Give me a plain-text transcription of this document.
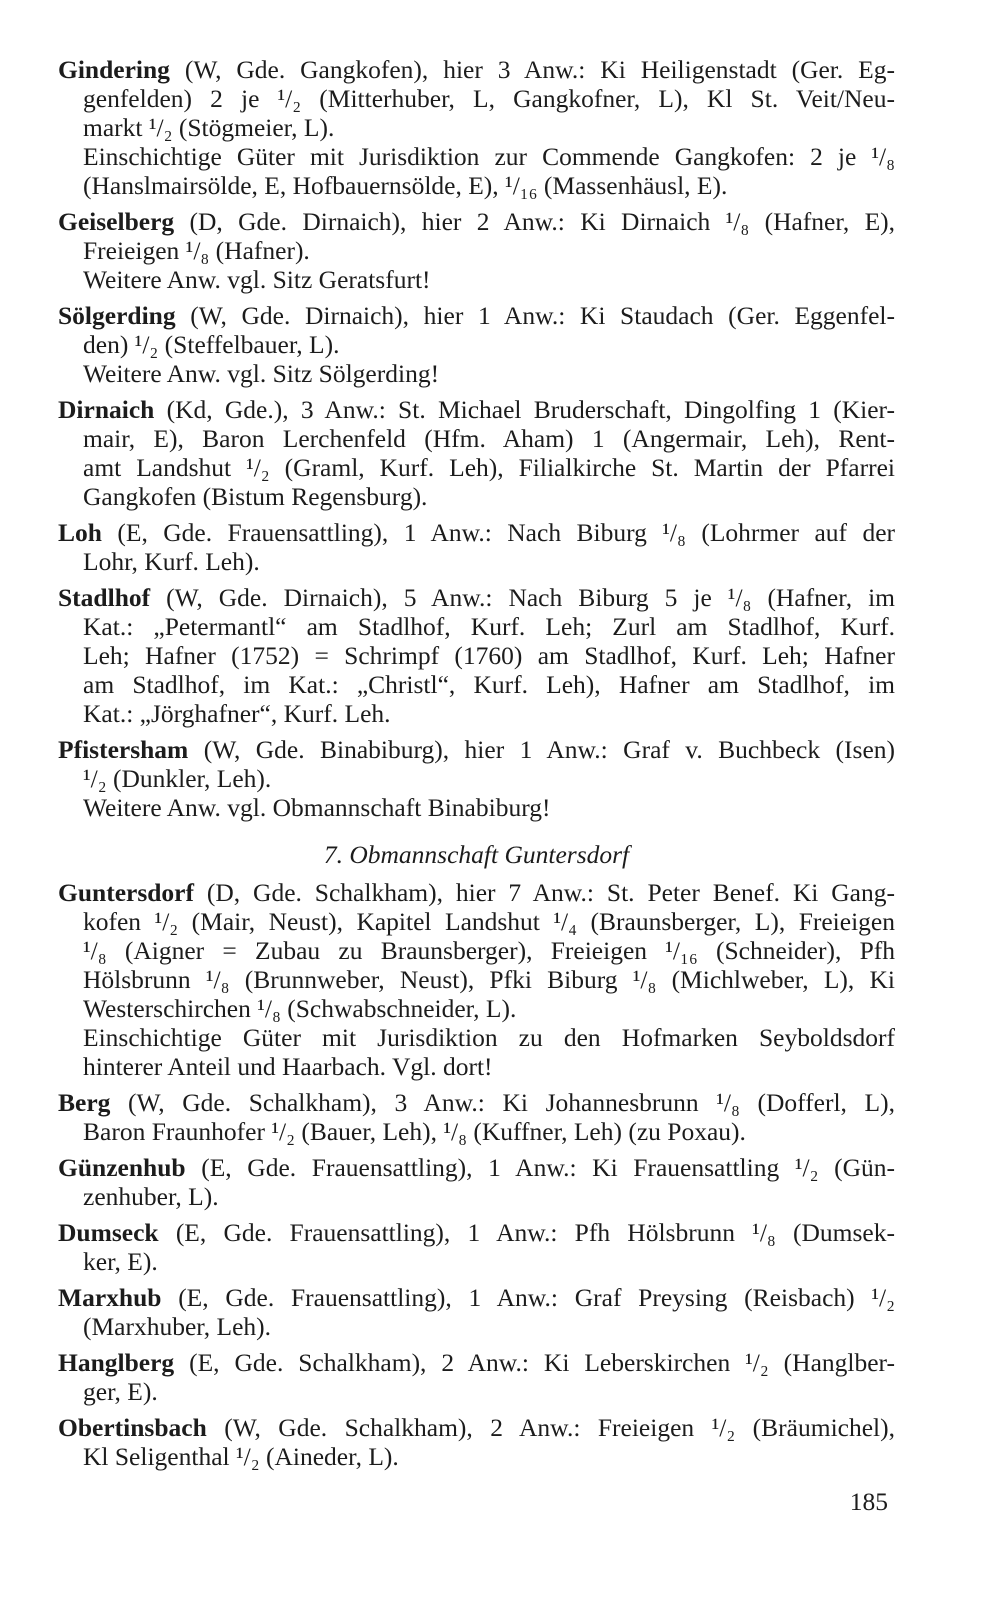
Gindering (W, Gde. Gangkofen), hier 3 Anw.: Ki Heiligenstadt (Ger. Eg-
genfelden) 2 je ¹/₂ (Mitterhuber, L, Gangkofner, L), Kl St. Veit/Neu-
markt ¹/₂ (Stögmeier, L).
Einschichtige Güter mit Jurisdiktion zur Commende Gangkofen: 2 je ¹/₈
(Hanslmairsölde, E, Hofbauernsölde, E), ¹/₁₆ (Massenhäusl, E).
Geiselberg (D, Gde. Dirnaich), hier 2 Anw.: Ki Dirnaich ¹/₈ (Hafner, E),
Freieigen ¹/₈ (Hafner).
Weitere Anw. vgl. Sitz Geratsfurt!
Sölgerding (W, Gde. Dirnaich), hier 1 Anw.: Ki Staudach (Ger. Eggenfel-
den) ¹/₂ (Steffelbauer, L).
Weitere Anw. vgl. Sitz Sölgerding!
Dirnaich (Kd, Gde.), 3 Anw.: St. Michael Bruderschaft, Dingolfing 1 (Kier-
mair, E), Baron Lerchenfeld (Hfm. Aham) 1 (Angermair, Leh), Rent-
amt Landshut ¹/₂ (Graml, Kurf. Leh), Filialkirche St. Martin der Pfarrei
Gangkofen (Bistum Regensburg).
Loh (E, Gde. Frauensattling), 1 Anw.: Nach Biburg ¹/₈ (Lohrmer auf der
Lohr, Kurf. Leh).
Stadlhof (W, Gde. Dirnaich), 5 Anw.: Nach Biburg 5 je ¹/₈ (Hafner, im
Kat.: „Petermantl“ am Stadlhof, Kurf. Leh; Zurl am Stadlhof, Kurf.
Leh; Hafner (1752) = Schrimpf (1760) am Stadlhof, Kurf. Leh; Hafner
am Stadlhof, im Kat.: „Christl“, Kurf. Leh), Hafner am Stadlhof, im
Kat.: „Jörghafner“, Kurf. Leh.
Pfistersham (W, Gde. Binabiburg), hier 1 Anw.: Graf v. Buchbeck (Isen)
¹/₂ (Dunkler, Leh).
Weitere Anw. vgl. Obmannschaft Binabiburg!
7. Obmannschaft Guntersdorf
Guntersdorf (D, Gde. Schalkham), hier 7 Anw.: St. Peter Benef. Ki Gang-
kofen ¹/₂ (Mair, Neust), Kapitel Landshut ¹/₄ (Braunsberger, L), Freieigen
¹/₈ (Aigner = Zubau zu Braunsberger), Freieigen ¹/₁₆ (Schneider), Pfh
Hölsbrunn ¹/₈ (Brunnweber, Neust), Pfki Biburg ¹/₈ (Michlweber, L), Ki
Westerschirchen ¹/₈ (Schwabschneider, L).
Einschichtige Güter mit Jurisdiktion zu den Hofmarken Seyboldsdorf
hinterer Anteil und Haarbach. Vgl. dort!
Berg (W, Gde. Schalkham), 3 Anw.: Ki Johannesbrunn ¹/₈ (Dofferl, L),
Baron Fraunhofer ¹/₂ (Bauer, Leh), ¹/₈ (Kuffner, Leh) (zu Poxau).
Günzenhub (E, Gde. Frauensattling), 1 Anw.: Ki Frauensattling ¹/₂ (Gün-
zenhuber, L).
Dumseck (E, Gde. Frauensattling), 1 Anw.: Pfh Hölsbrunn ¹/₈ (Dumsek-
ker, E).
Marxhub (E, Gde. Frauensattling), 1 Anw.: Graf Preysing (Reisbach) ¹/₂
(Marxhuber, Leh).
Hanglberg (E, Gde. Schalkham), 2 Anw.: Ki Leberskirchen ¹/₂ (Hanglber-
ger, E).
Obertinsbach (W, Gde. Schalkham), 2 Anw.: Freieigen ¹/₂ (Bräumichel),
Kl Seligenthal ¹/₂ (Aineder, L).
185
